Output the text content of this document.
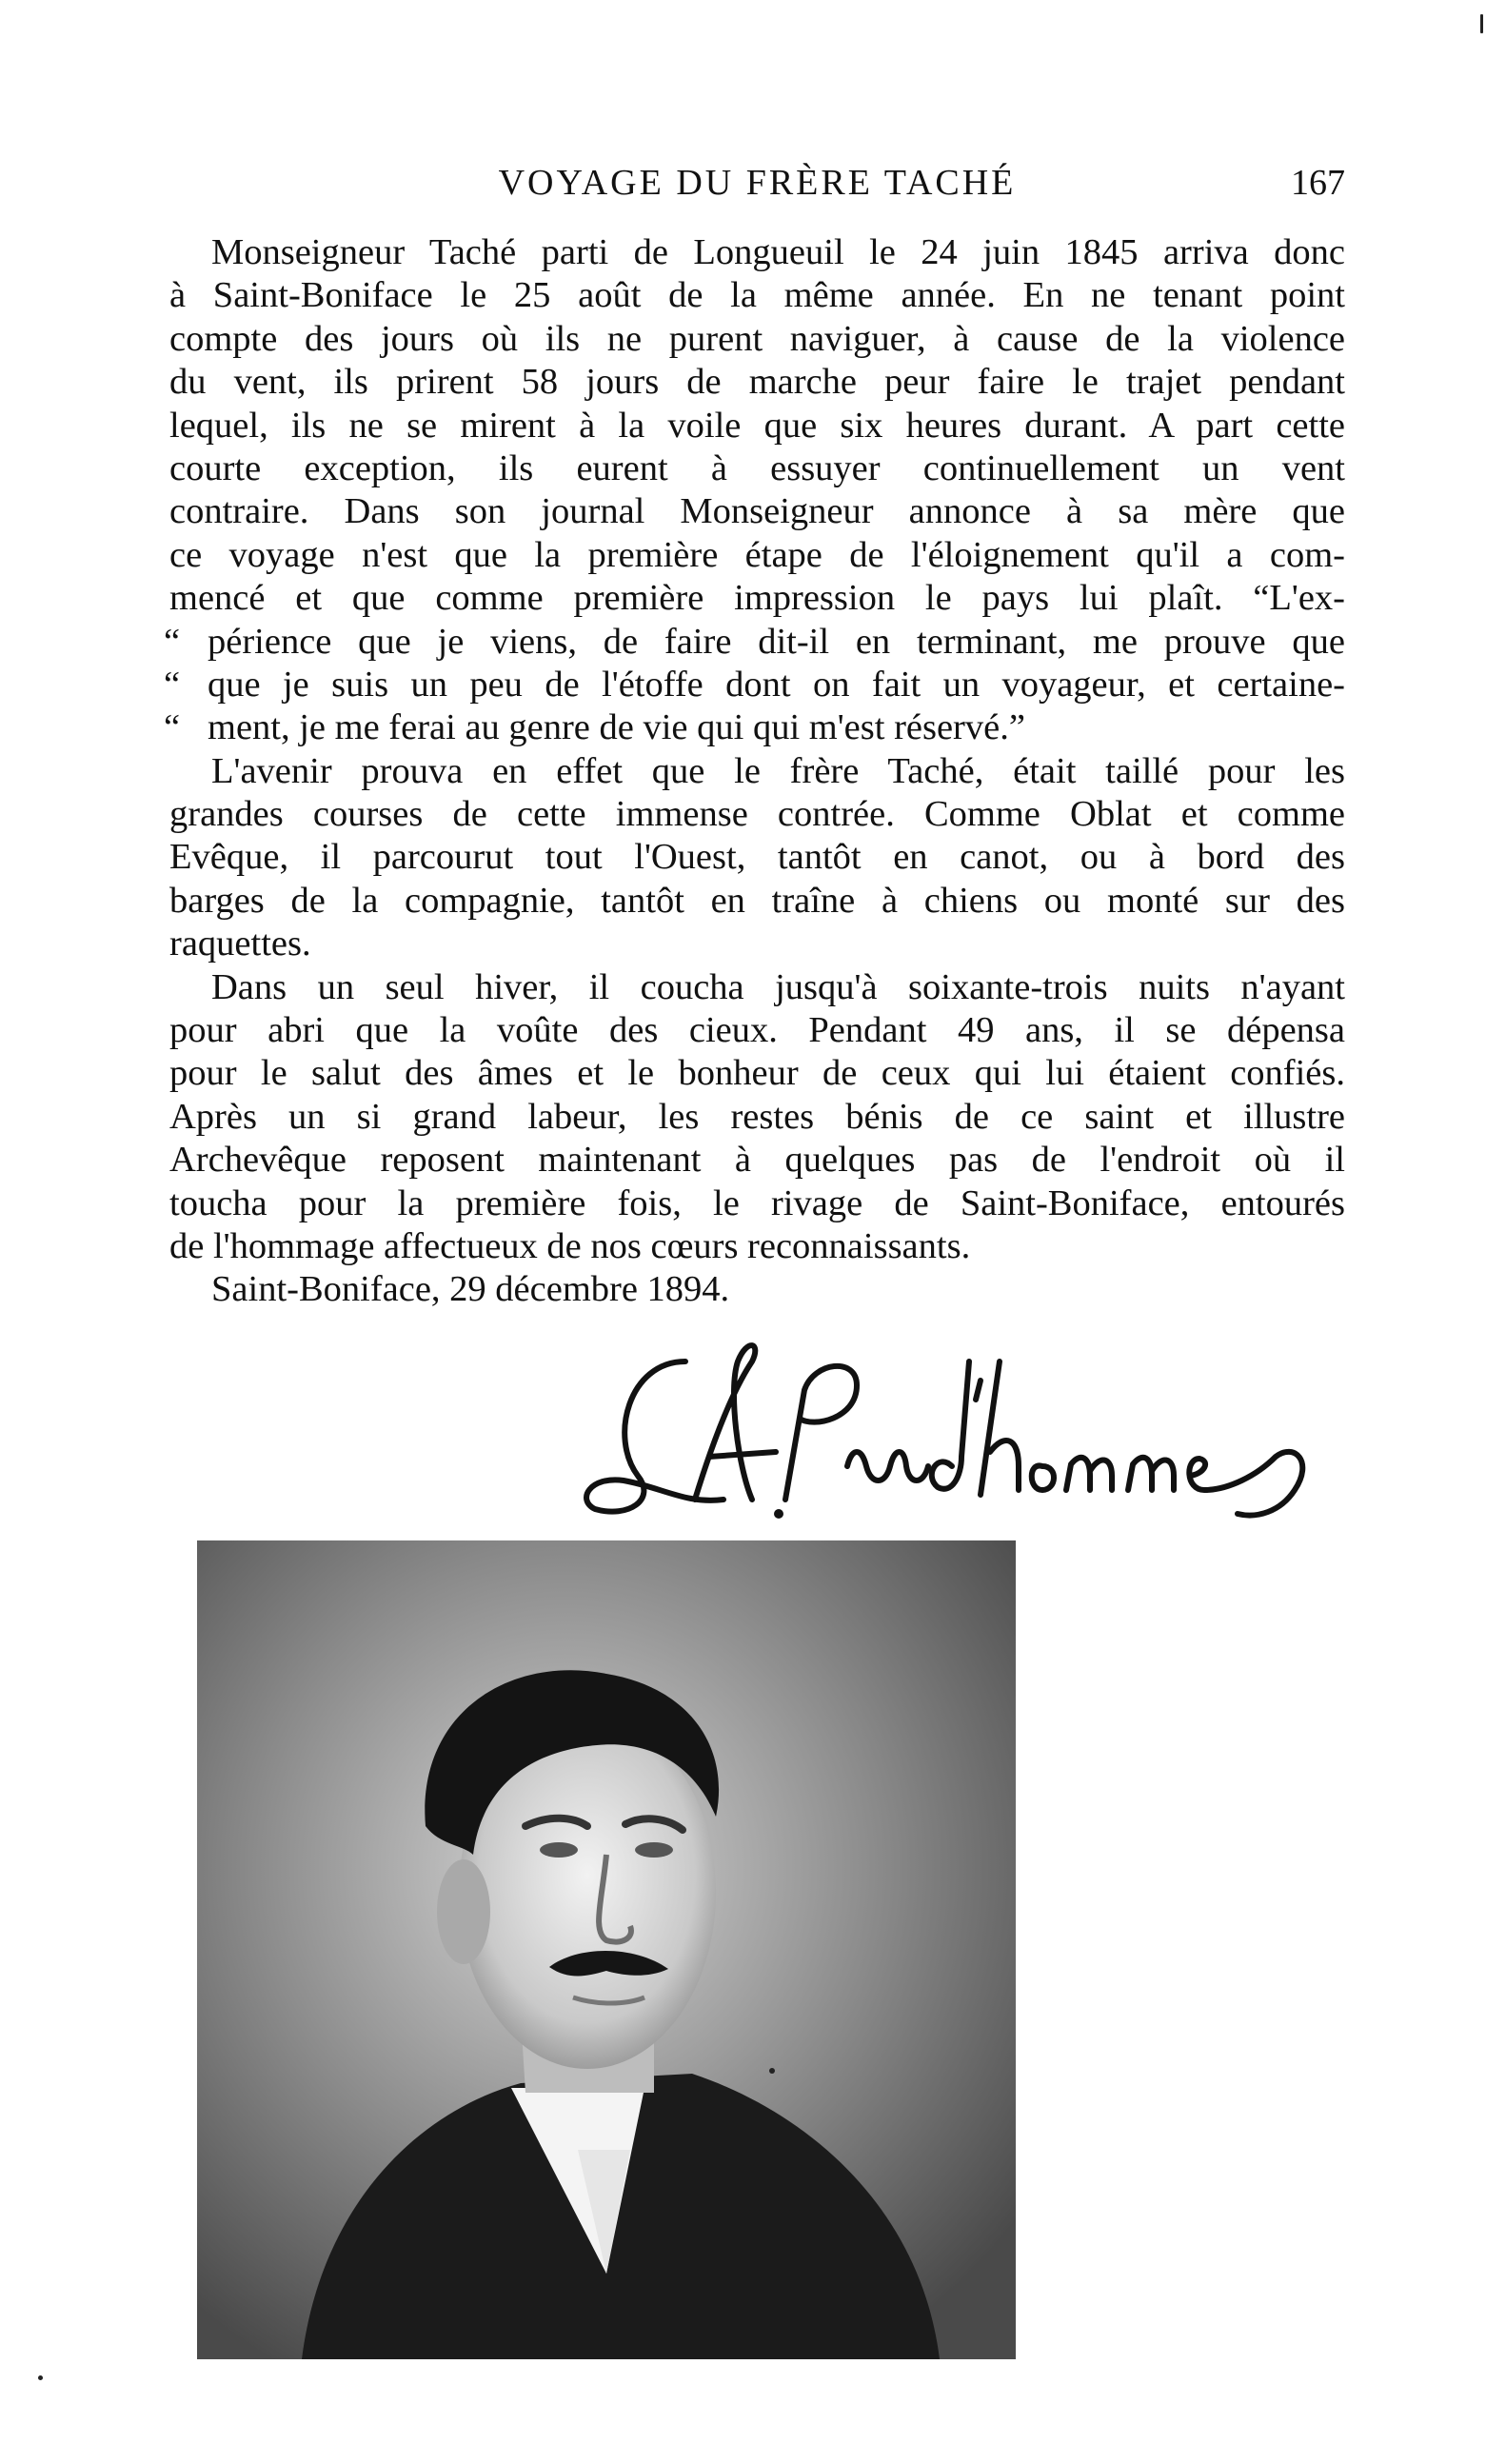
VOYAGE DU FRÈRE TACHÉ	167
Monseigneur Taché parti de Longueuil le 24 juin 1845 arriva donc
à Saint-Boniface le 25 août de la même année. En ne tenant point
compte des jours où ils ne purent naviguer, à cause de la violence
du vent, ils prirent 58 jours de marche peur faire le trajet pendant
lequel, ils ne se mirent à la voile que six heures durant. A part cette
courte exception, ils eurent à essuyer continuellement un vent
contraire. Dans son journal Monseigneur annonce à sa mère que
ce voyage n'est que la première étape de l'éloignement qu'il a com-
mencé et que comme première impression le pays lui plaît. “L'ex-
“ périence que je viens, de faire dit-il en terminant, me prouve que
“ que je suis un peu de l'étoffe dont on fait un voyageur, et certaine-
“ ment, je me ferai au genre de vie qui qui m'est réservé.”
L'avenir prouva en effet que le frère Taché, était taillé pour les
grandes courses de cette immense contrée. Comme Oblat et comme
Evêque, il parcourut tout l'Ouest, tantôt en canot, ou à bord des
barges de la compagnie, tantôt en traîne à chiens ou monté sur des
raquettes.
Dans un seul hiver, il coucha jusqu'à soixante-trois nuits n'ayant
pour abri que la voûte des cieux. Pendant 49 ans, il se dépensa
pour le salut des âmes et le bonheur de ceux qui lui étaient confiés.
Après un si grand labeur, les restes bénis de ce saint et illustre
Archevêque reposent maintenant à quelques pas de l'endroit où il
toucha pour la première fois, le rivage de Saint-Boniface, entourés
de l'hommage affectueux de nos cœurs reconnaissants.
Saint-Boniface, 29 décembre 1894.
